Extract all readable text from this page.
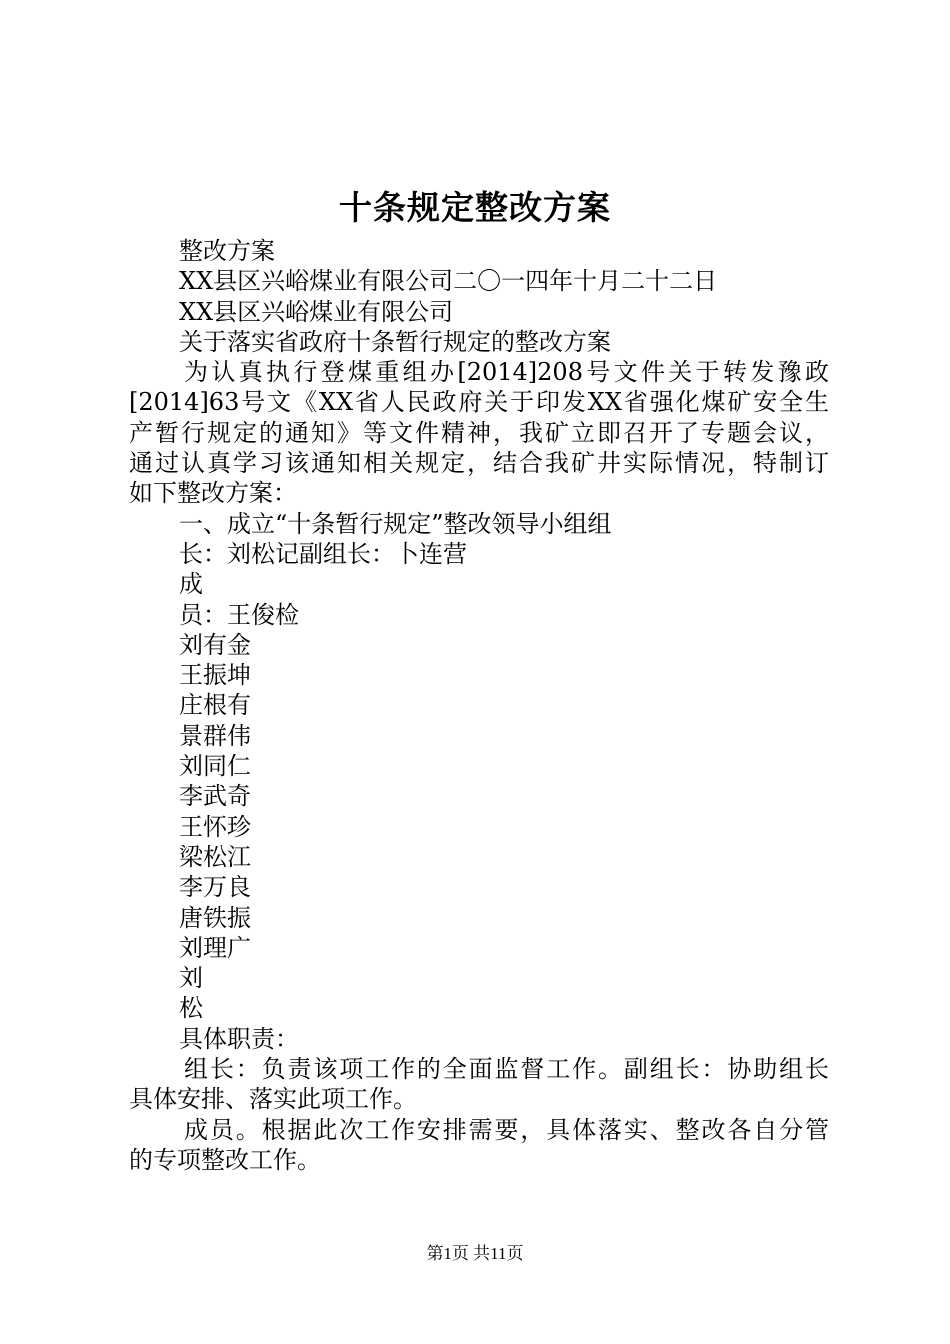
十条规定整改方案
整改方案
XX县区兴峪煤业有限公司二〇一四年十月二十二日
XX县区兴峪煤业有限公司
关于落实省政府十条暂行规定的整改方案
为认真执行登煤重组办[2014]208号文件关于转发豫政
[2014]63号文《XX省人民政府关于印发XX省强化煤矿安全生
产暂行规定的通知》等文件精神，我矿立即召开了专题会议，
通过认真学习该通知相关规定，结合我矿井实际情况，特制订
如下整改方案：
一、成立“十条暂行规定”整改领导小组组
长：刘松记副组长：卜连营
成
员：王俊检
刘有金
王振坤
庄根有
景群伟
刘同仁
李武奇
王怀珍
梁松江
李万良
唐铁振
刘理广
刘
松
具体职责：
组长：负责该项工作的全面监督工作。副组长：协助组长
具体安排、落实此项工作。
成员。根据此次工作安排需要，具体落实、整改各自分管
的专项整改工作。
第1页 共11页
